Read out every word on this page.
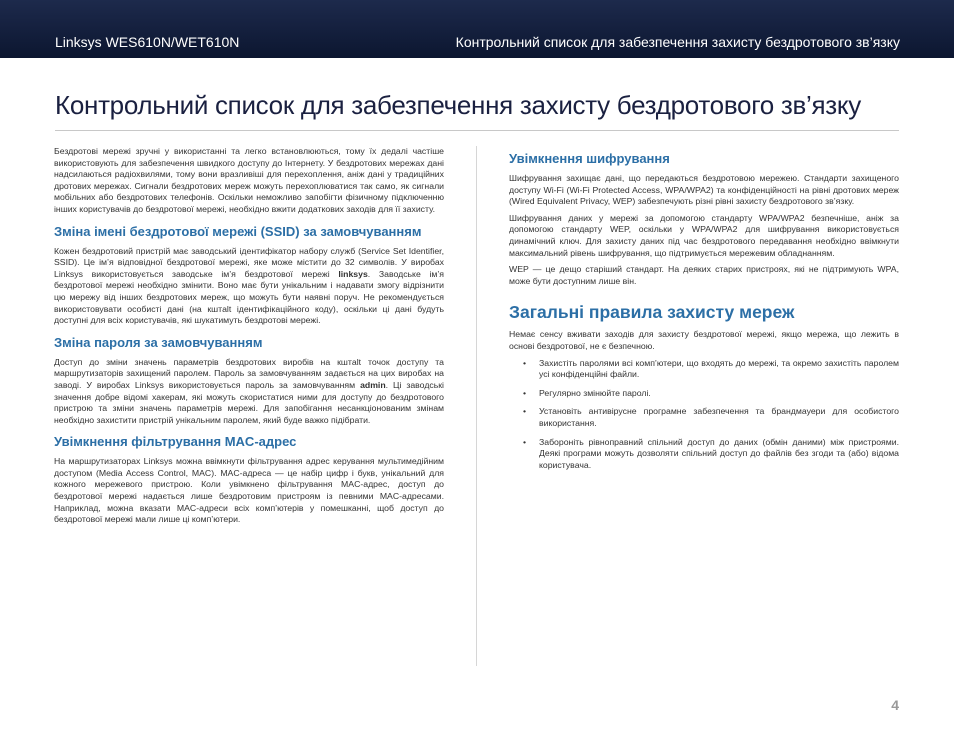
Linksys WES610N/WET610N	Контрольний список для забезпечення захисту бездротового зв’язку
Контрольний список для забезпечення захисту бездротового зв’язку

Бездротові мережі зручні у використанні та легко встановлюються, тому їх дедалі частіше використовують для забезпечення швидкого доступу до Інтернету. У бездротових мережах дані надсилаються радіохвилями, тому вони вразливіші для перехоплення, аніж дані у традиційних дротових мережах. Сигнали бездротових мереж можуть перехоплюватися так само, як сигнали мобільних або бездротових телефонів. Оскільки неможливо запобігти фізичному підключенню інших користувачів до бездротової мережі, необхідно вжити додаткових заходів для її захисту.

Зміна імені бездротової мережі (SSID) за замовчуванням

Кожен бездротовий пристрій має заводський ідентифікатор набору служб (Service Set Identifier, SSID). Це ім’я відповідної бездротової мережі, яке може містити до 32 символів. У виробах Linksys використовується заводське ім’я бездротової мережі linksys. Заводське ім’я бездротової мережі необхідно змінити. Воно має бути унікальним і надавати змогу відрізнити цю мережу від інших бездротових мереж, що можуть бути наявні поруч. Не рекомендується використовувати особисті дані (на кштalt ідентифікаційного коду), оскільки ці дані будуть доступні для всіх користувачів, які шукатимуть бездротові мережі.

Зміна пароля за замовчуванням

Доступ до зміни значень параметрів бездротових виробів на кштalt точок доступу та маршрутизаторів захищений паролем. Пароль за замовчуванням задається на цих виробах на заводі. У виробах Linksys використовується пароль за замовчуванням admin. Ці заводські значення добре відомі хакерам, які можуть скористатися ними для доступу до бездротового пристрою та зміни значень параметрів мережі. Для запобігання несанкціонованим змінам необхідно захистити пристрій унікальним паролем, який буде важко підібрати.

Увімкнення фільтрування MAC-адрес

На маршрутизаторах Linksys можна ввімкнути фільтрування адрес керування мультимедійним доступом (Media Access Control, MAC). MAC-адреса — це набір цифр і букв, унікальний для кожного мережевого пристрою. Коли увімкнено фільтрування MAC-адрес, доступ до бездротової мережі надається лише бездротовим пристроям із певними MAC-адресами. Наприклад, можна вказати MAC-адреси всіх комп’ютерів у помешканні, щоб доступ до бездротової мережі мали лише ці комп’ютери.

Увімкнення шифрування

Шифрування захищає дані, що передаються бездротовою мережею. Стандарти захищеного доступу Wi-Fi (Wi-Fi Protected Access, WPA/WPA2) та конфіденційності на рівні дротових мереж (Wired Equivalent Privacy, WEP) забезпечують різні рівні захисту бездротового зв’язку.

Шифрування даних у мережі за допомогою стандарту WPA/WPA2 безпечніше, аніж за допомогою стандарту WEP, оскільки у WPA/WPA2 для шифрування використовується динамічний ключ. Для захисту даних під час бездротового передавання необхідно ввімкнути максимальний рівень шифрування, що підтримується мережевим обладнанням.

WEP — це дещо старіший стандарт. На деяких старих пристроях, які не підтримують WPA, може бути доступним лише він.

Загальні правила захисту мереж

Немає сенсу вживати заходів для захисту бездротової мережі, якщо мережа, що лежить в основі бездротової, не є безпечною.

• Захистіть паролями всі комп’ютери, що входять до мережі, та окремо захистіть паролем усі конфіденційні файли.
• Регулярно змінюйте паролі.
• Установіть антивірусне програмне забезпечення та брандмауери для особистого використання.
• Забороніть рівноправний спільний доступ до даних (обмін даними) між пристроями. Деякі програми можуть дозволяти спільний доступ до файлів без згоди та (або) відома користувача.
4
